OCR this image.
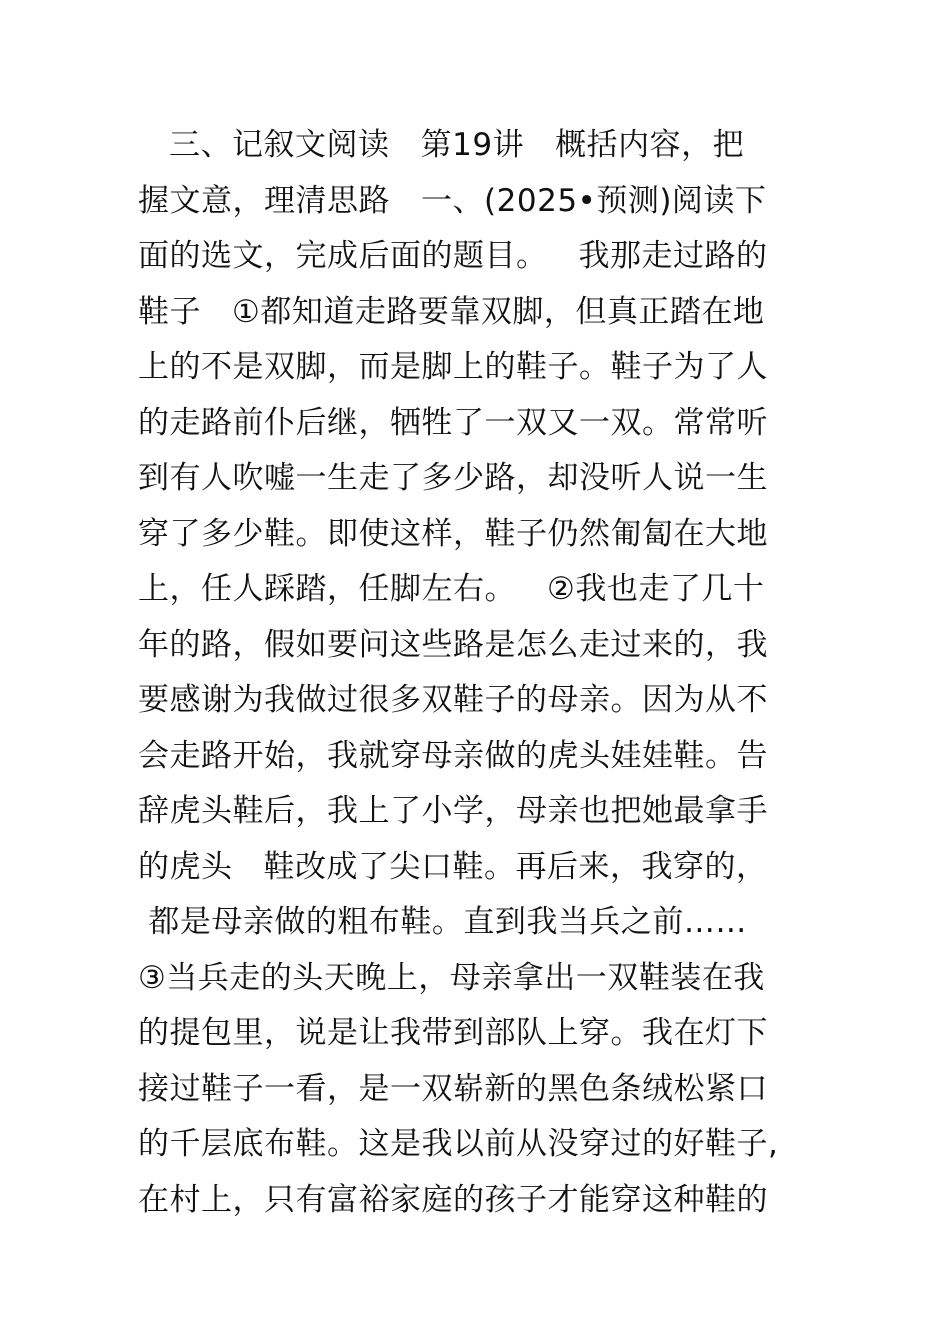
三、记叙文阅读   第19讲   概括内容，把
握文意，理清思路   一、(2025•预测)阅读下
面的选文，完成后面的题目。   我那走过路的
鞋子   ①都知道走路要靠双脚，但真正踏在地
上的不是双脚，而是脚上的鞋子。鞋子为了人
的走路前仆后继，牺牲了一双又一双。常常听
到有人吹嘘一生走了多少路，却没听人说一生
穿了多少鞋。即使这样，鞋子仍然匍匐在大地
上，任人踩踏，任脚左右。   ②我也走了几十
年的路，假如要问这些路是怎么走过来的，我
要感谢为我做过很多双鞋子的母亲。因为从不
会走路开始，我就穿母亲做的虎头娃娃鞋。告
辞虎头鞋后，我上了小学，母亲也把她最拿手
的虎头   鞋改成了尖口鞋。再后来，我穿的，
都是母亲做的粗布鞋。直到我当兵之前……
③当兵走的头天晚上，母亲拿出一双鞋装在我
的提包里，说是让我带到部队上穿。我在灯下
接过鞋子一看，是一双崭新的黑色条绒松紧口
的千层底布鞋。这是我以前从没穿过的好鞋子,
在村上，只有富裕家庭的孩子才能穿这种鞋的
